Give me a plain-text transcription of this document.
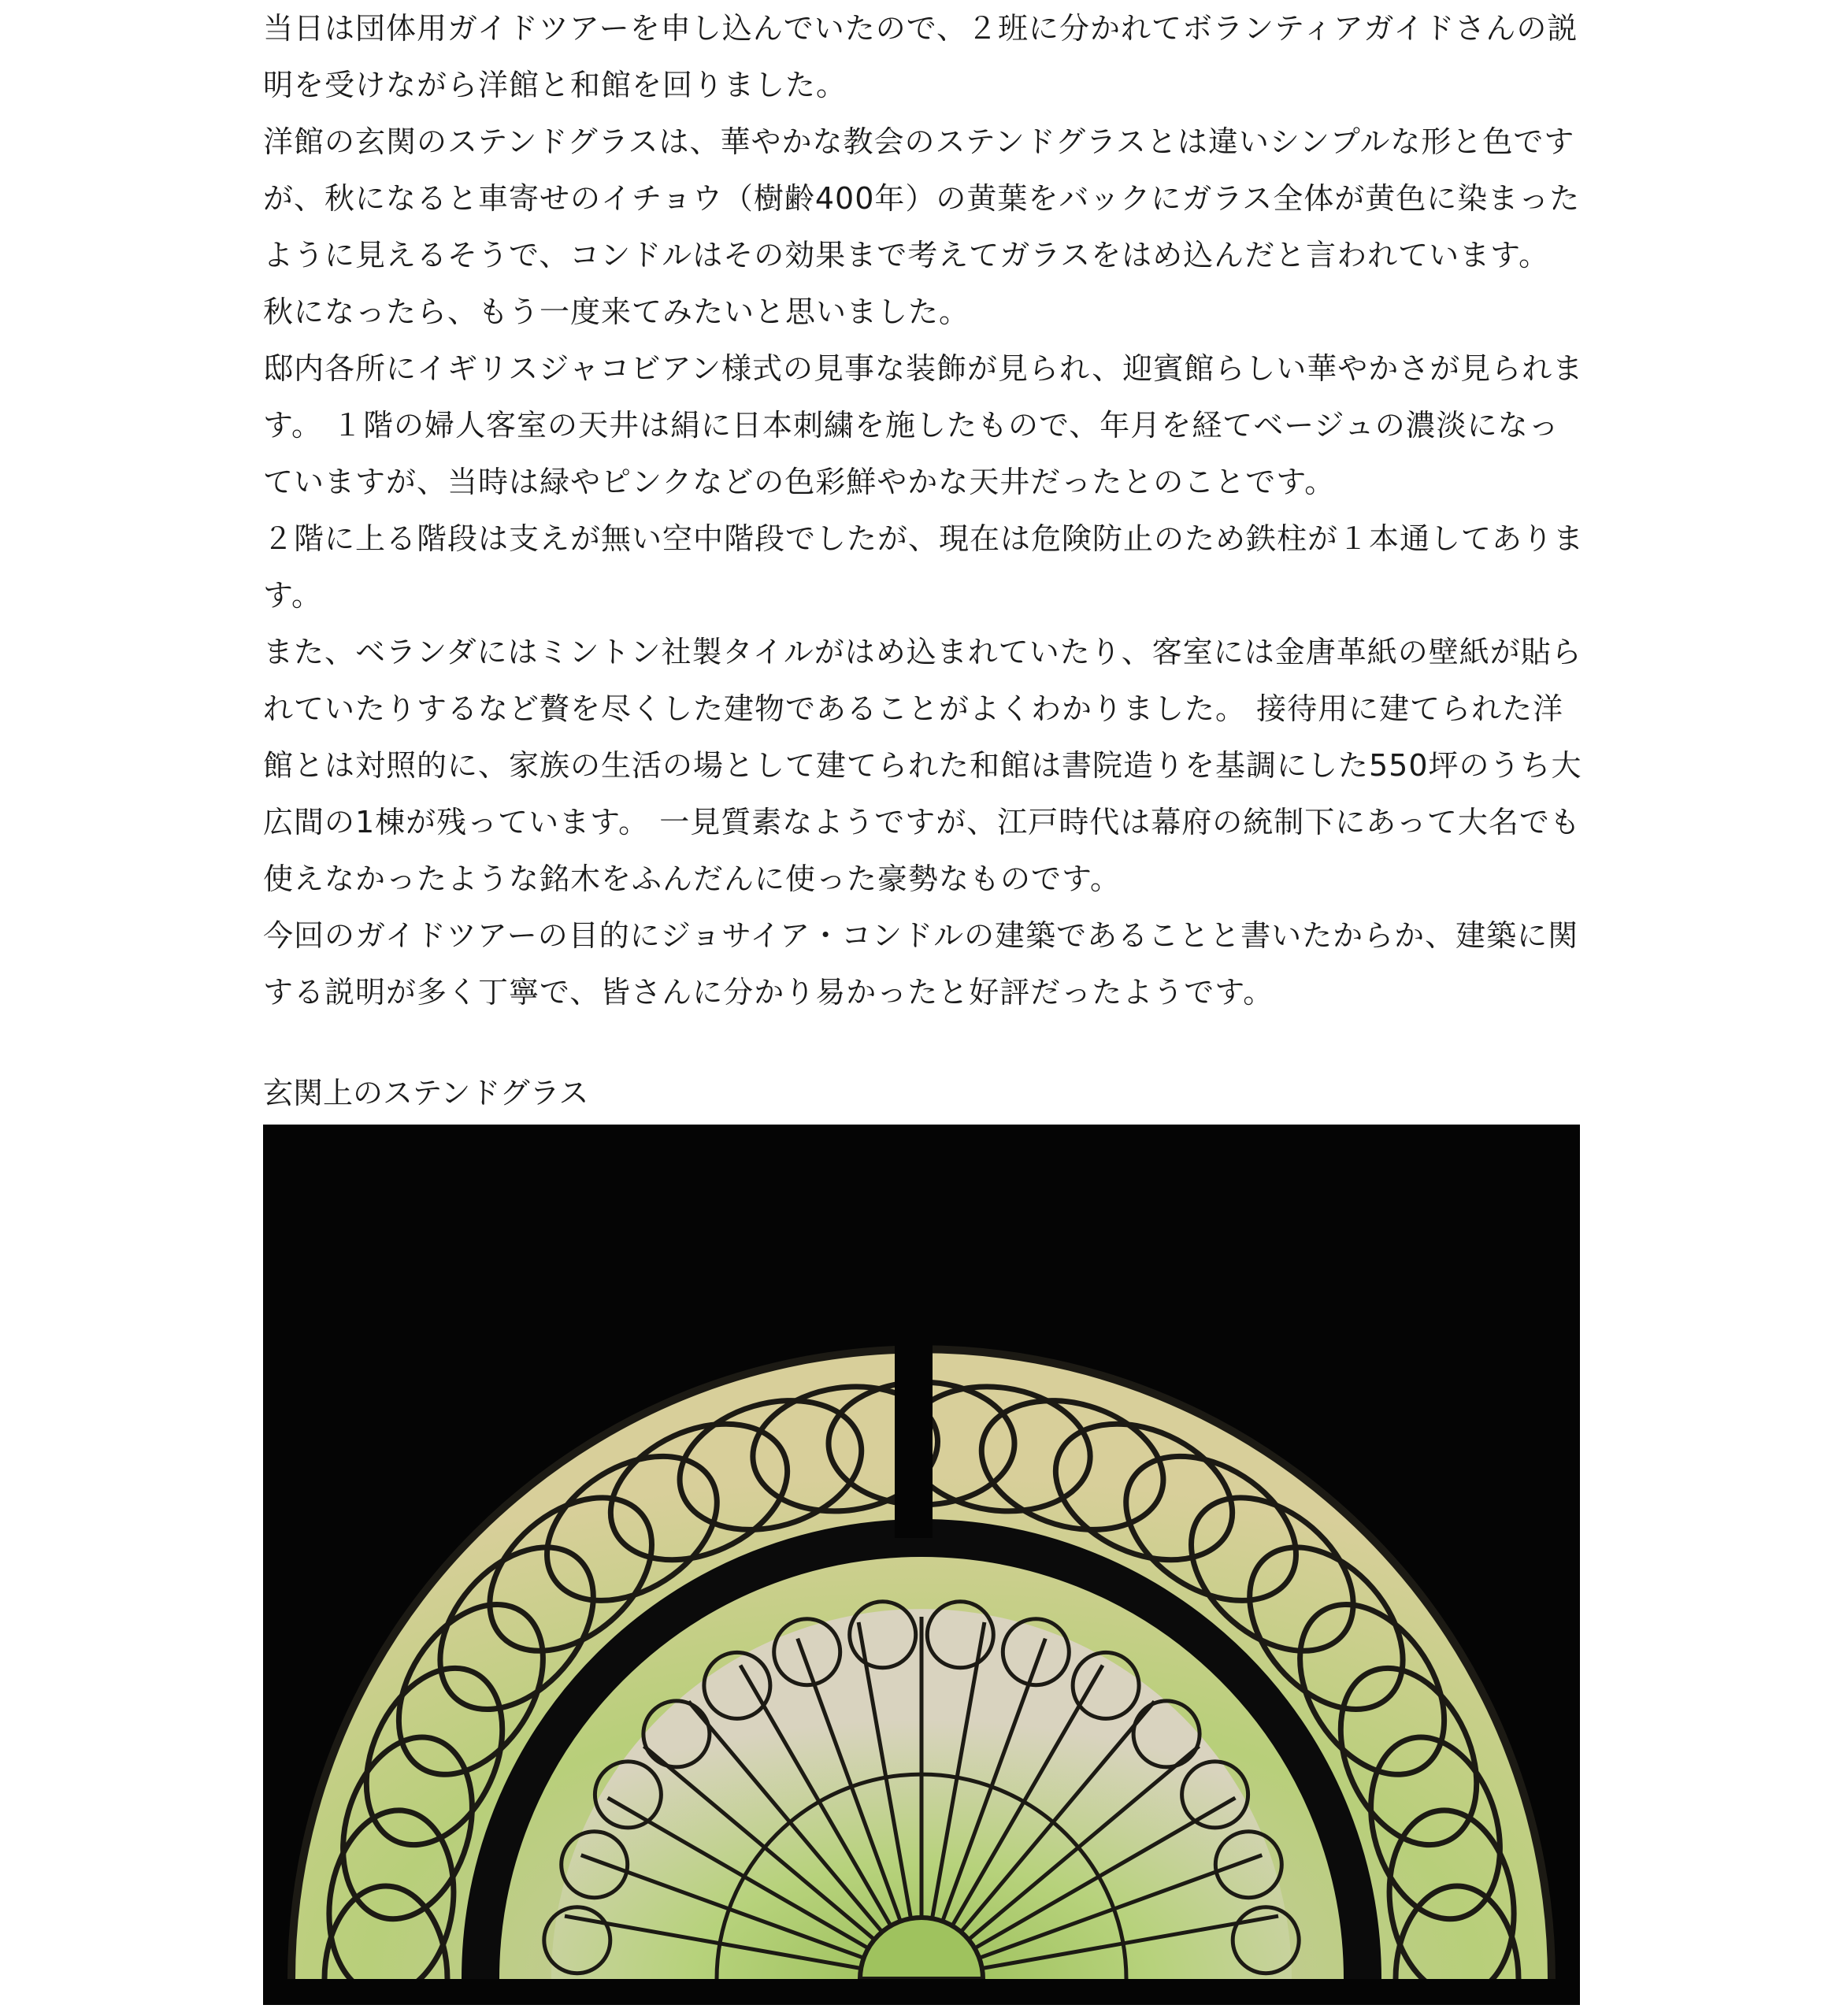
当日は団体用ガイドツアーを申し込んでいたので、２班に分かれてボランティアガイドさんの説明を受けながら洋館と和館を回りました。

洋館の玄関のステンドグラスは、華やかな教会のステンドグラスとは違いシンプルな形と色ですが、秋になると車寄せのイチョウ（樹齢400年）の黄葉をバックにガラス全体が黄色に染まったように見えるそうで、コンドルはその効果まで考えてガラスをはめ込んだと言われています。

秋になったら、もう一度来てみたいと思いました。

邸内各所にイギリスジャコビアン様式の見事な装飾が見られ、迎賓館らしい華やかさが見られます。 １階の婦人客室の天井は絹に日本刺繍を施したもので、年月を経てベージュの濃淡になっていますが、当時は緑やピンクなどの色彩鮮やかな天井だったとのことです。

２階に上る階段は支えが無い空中階段でしたが、現在は危険防止のため鉄柱が１本通してあります。

また、ベランダにはミントン社製タイルがはめ込まれていたり、客室には金唐革紙の壁紙が貼られていたりするなど贅を尽くした建物であることがよくわかりました。 接待用に建てられた洋館とは対照的に、家族の生活の場として建てられた和館は書院造りを基調にした550坪のうち大広間の1棟が残っています。 一見質素なようですが、江戸時代は幕府の統制下にあって大名でも使えなかったような銘木をふんだんに使った豪勢なものです。

今回のガイドツアーの目的にジョサイア・コンドルの建築であることと書いたからか、建築に関する説明が多く丁寧で、皆さんに分かり易かったと好評だったようです。

玄関上のステンドグラス
